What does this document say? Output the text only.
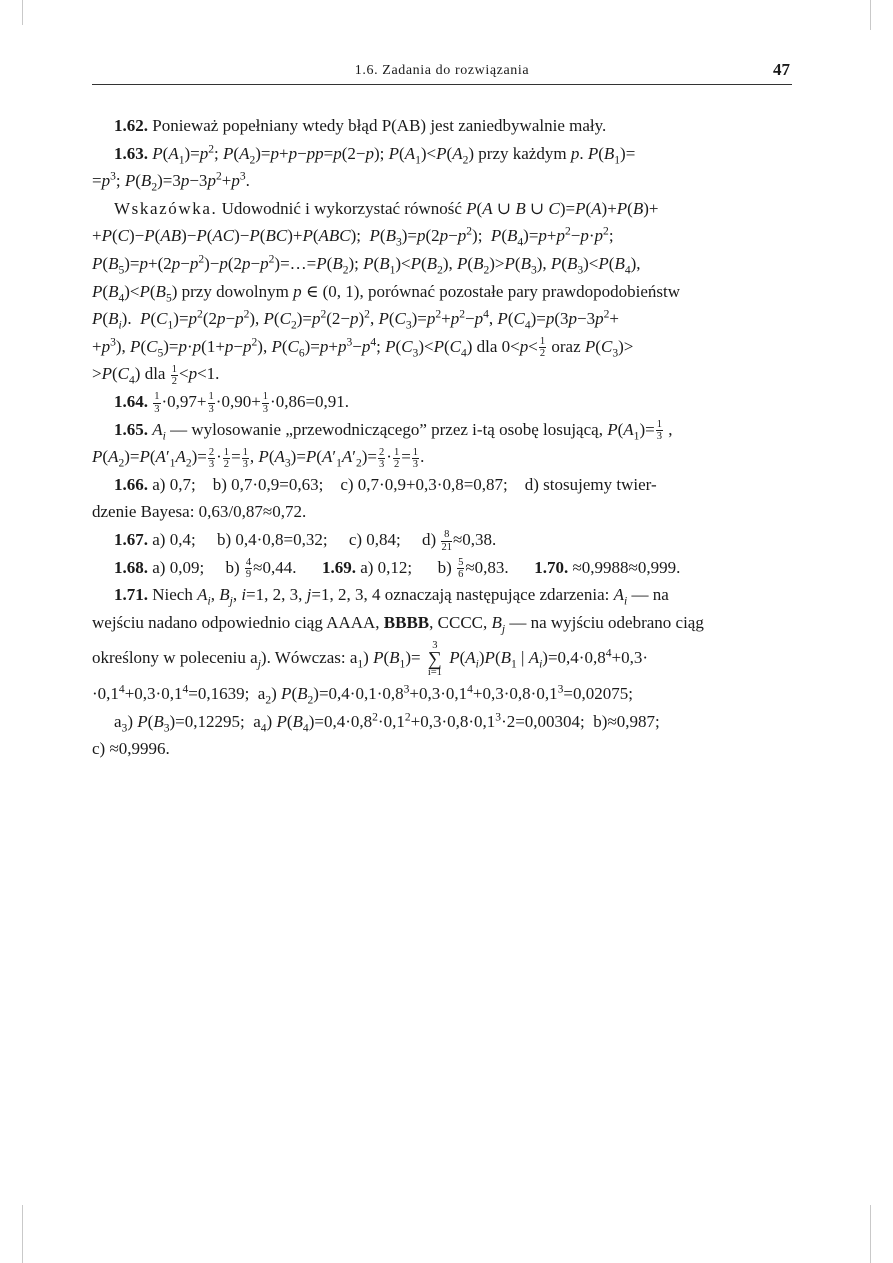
1.6. Zadania do rozwiązania	47

1.62. Ponieważ popełniany wtedy błąd P(AB) jest zaniedbywalnie mały.

1.63. $P(A_1)=p^2$; $P(A_2)=p+p-pp=p(2-p)$; $P(A_1)<P(A_2)$ przy każdym p. $P(B_1)=$

$=p^3$; $P(B_2)=3p-3p^2+p^3$.

Wskazówka. Udowodnić i wykorzystać równość P(A ∪ B ∪ C)=P(A)+P(B)+

+P(C)−P(AB)−P(AC)−P(BC)+P(ABC);  $P(B_3)=p(2p-p^2)$;  $P(B_4)=p+p^2-p\cdot p^2$;

$P(B_5)=p+(2p-p^2)-p(2p-p^2)=\dots=P(B_2)$; $P(B_1)<P(B_2)$, $P(B_2)>P(B_3)$, $P(B_3)<P(B_4)$,

$P(B_4)<P(B_5)$ przy dowolnym p ∈ (0, 1), porównać pozostałe pary prawdopodobieństw

$P(B_i)$.  $P(C_1)=p^2(2p-p^2)$, $P(C_2)=p^2(2-p)^2$, $P(C_3)=p^2+p^2-p^4$, $P(C_4)=p(3p-3p^2+$

$+p^3$), $P(C_5)=p\cdot p(1+p-p^2)$, $P(C_6)=p+p^3-p^4$; $P(C_3)<P(C_4)$ dla $0<p< \frac{1}{2}$ oraz $P(C_3)>$

$>P(C_4)$ dla $\frac{1}{2} <p<1$.

1.64. $\frac{1}{3} \cdot 0,97+ \frac{1}{3} \cdot 0,90+ \frac{1}{3} \cdot 0,86=0,91$.

1.65. $A_i$ — wylosowanie „przewodniczącego” przez i-tą osobę losującą, $P(A_1)= \frac{1}{3}$ ,

$P(A_2)=P(A'_1A_2)= \frac{2}{3} \cdot \frac{1}{2} = \frac{1}{3}$ , $P(A_3)=P(A'_1A'_2)= \frac{2}{3} \cdot \frac{1}{2} = \frac{1}{3}$ .

1.66. a) 0,7; b) 0,7·0,9=0,63; c) 0,7·0,9+0,3·0,8=0,87; d) stosujemy twier-

dzenie Bayesa: 0,63/0,87≈0,72.

1.67. a) 0,4; b) 0,4·0,8=0,32; c) 0,84; $d) \frac{8}{21} \approx 0,38$.

1.68. a) 0,09; $b) \frac{4}{9} \approx 0,44$. 1.69. a) 0,12; $b) \frac{5}{6} \approx 0,83$. 1.70. ≈0,9988≈0,999.

1.71. Niech $A_i$, $B_j$, i=1, 2, 3, j=1, 2, 3, 4 oznaczają następujące zdarzenia: $A_i$ — na

wejściu nadano odpowiednio ciąg AAAA, BBBB, CCCC, $B_j$ — na wyjściu odebrano ciąg

określony w poleceniu $a_j$). Wówczas: $a_1$) $P(B_1)=$
3
∑
i=1
$P(A_i)P(B_1$ | $A_i)=0,4\cdot 0,8^4+0,3\cdot$

$\cdot 0,1^4+0,3\cdot 0,1^4=0,1639$;  $a_2$) $P(B_2)=0,4\cdot 0,1\cdot 0,8^3+0,3\cdot 0,1^4+0,3\cdot 0,8\cdot 0,1^3=0,02075$;

$a_3$) $P(B_3)=0,12295$;  $a_4$) $P(B_4)=0,4\cdot 0,8^2\cdot 0,1^2+0,3\cdot 0,8\cdot 0,1^3\cdot 2=0,00304$;  b)≈0,987;

c) ≈0,9996.
